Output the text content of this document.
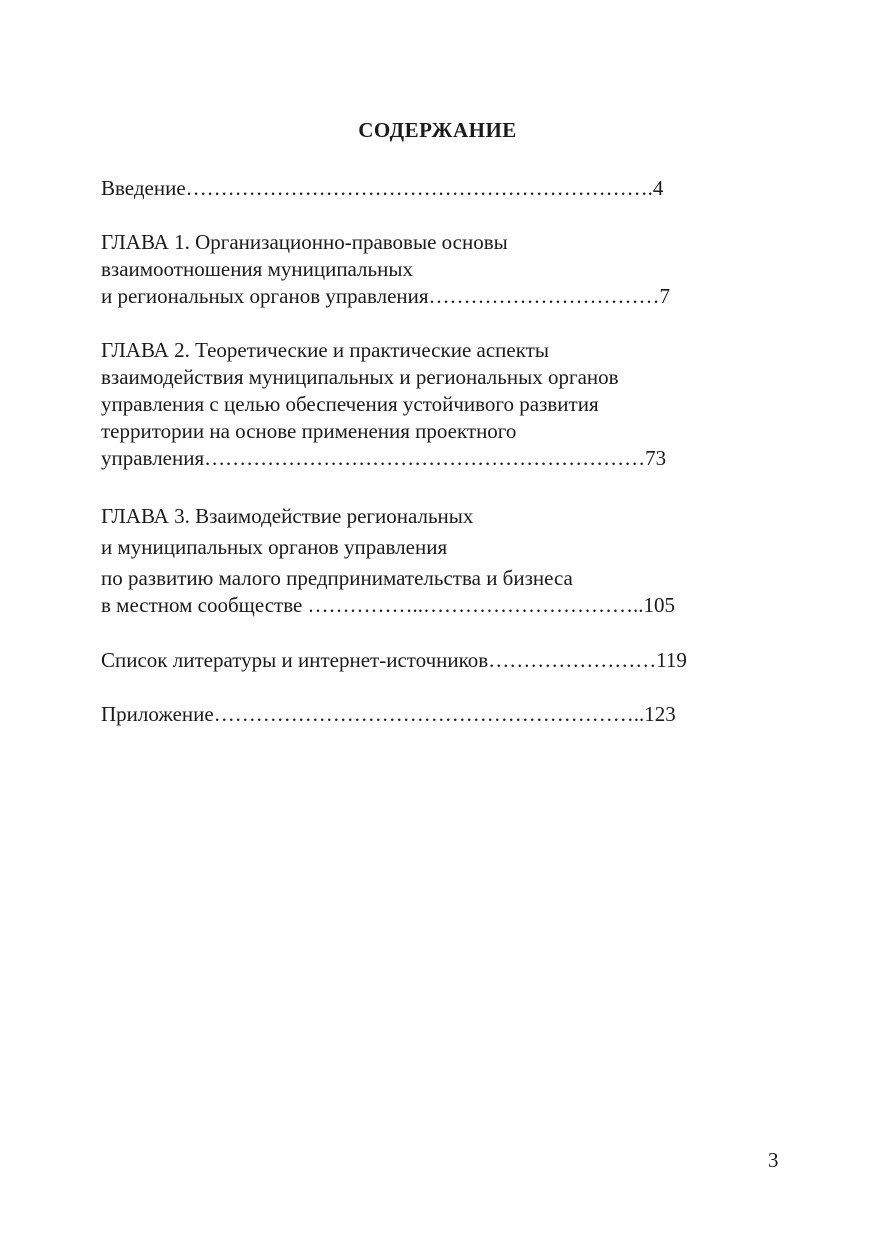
СОДЕРЖАНИЕ
Введение………………………………………………………….4
ГЛАВА 1. Организационно-правовые основы
взаимоотношения муниципальных
и региональных органов управления……………………………7
ГЛАВА 2. Теоретические и практические аспекты
взаимодействия муниципальных и региональных органов
управления с целью обеспечения устойчивого развития
территории на основе применения проектного
управления………………………………………………………73
ГЛАВА 3. Взаимодействие региональных
и муниципальных органов управления
по развитию малого предпринимательства и бизнеса
в местном сообществе ……………..…………………………..105
Список литературы и интернет-источников……………………119
Приложение……………………………………………………..123
3
